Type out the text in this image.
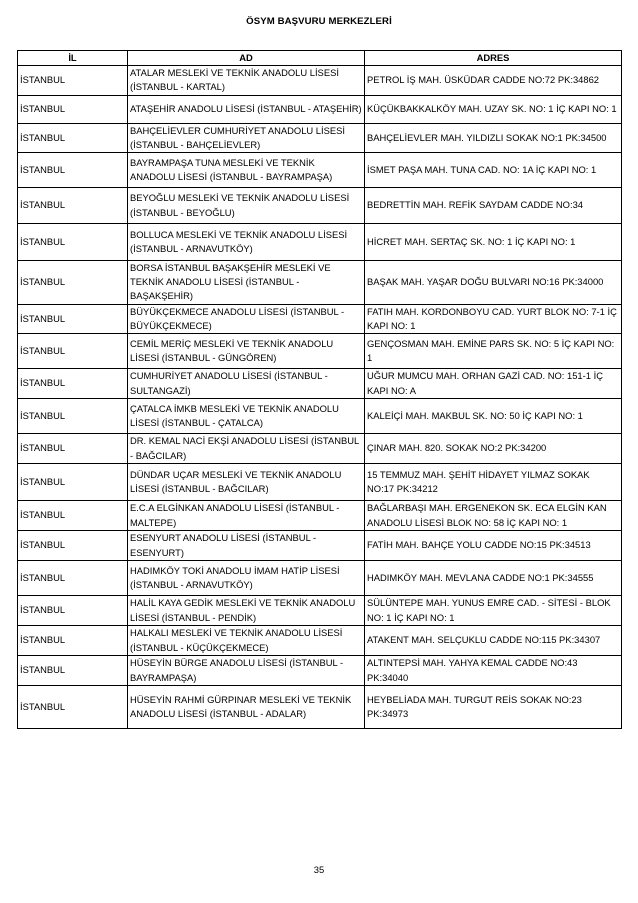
ÖSYM BAŞVURU MERKEZLERİ
İL	AD	ADRES
İSTANBUL	ATALAR MESLEKİ VE TEKNİK ANADOLU LİSESİ (İSTANBUL - KARTAL)	PETROL İŞ MAH. ÜSKÜDAR CADDE NO:72 PK:34862
İSTANBUL	ATAŞEHİR ANADOLU LİSESİ (İSTANBUL - ATAŞEHİR)	KÜÇÜKBAKKALKÖY MAH. UZAY SK. NO: 1 İÇ KAPI NO: 1
İSTANBUL	BAHÇELİEVLER CUMHURİYET ANADOLU LİSESİ (İSTANBUL - BAHÇELİEVLER)	BAHÇELİEVLER MAH. YILDIZLI SOKAK NO:1 PK:34500
İSTANBUL	BAYRAMPAŞA TUNA MESLEKİ VE TEKNİK ANADOLU LİSESİ (İSTANBUL - BAYRAMPAŞA)	İSMET PAŞA MAH. TUNA CAD. NO: 1A İÇ KAPI NO: 1
İSTANBUL	BEYOĞLU MESLEKİ VE TEKNİK ANADOLU LİSESİ (İSTANBUL - BEYOĞLU)	BEDRETTİN MAH. REFİK SAYDAM CADDE NO:34
İSTANBUL	BOLLUCA MESLEKİ VE TEKNİK ANADOLU LİSESİ (İSTANBUL - ARNAVUTKÖY)	HİCRET MAH. SERTAÇ SK. NO: 1 İÇ KAPI NO: 1
İSTANBUL	BORSA İSTANBUL BAŞAKŞEHİR MESLEKİ VE TEKNİK ANADOLU LİSESİ (İSTANBUL - BAŞAKŞEHİR)	BAŞAK MAH. YAŞAR DOĞU BULVARI NO:16 PK:34000
İSTANBUL	BÜYÜKÇEKMECE ANADOLU LİSESİ (İSTANBUL - BÜYÜKÇEKMECE)	FATIH MAH. KORDONBOYU CAD. YURT BLOK NO: 7-1 İÇ KAPI NO: 1
İSTANBUL	CEMİL MERİÇ MESLEKİ VE TEKNİK ANADOLU LİSESİ (İSTANBUL - GÜNGÖREN)	GENÇOSMAN MAH. EMİNE PARS SK. NO: 5 İÇ KAPI NO: 1
İSTANBUL	CUMHURİYET ANADOLU LİSESİ (İSTANBUL - SULTANGAZİ)	UĞUR MUMCU MAH. ORHAN GAZİ CAD. NO: 151-1 İÇ KAPI NO: A
İSTANBUL	ÇATALCA İMKB MESLEKİ VE TEKNİK ANADOLU LİSESİ (İSTANBUL - ÇATALCA)	KALEİÇİ MAH. MAKBUL SK. NO: 50 İÇ KAPI NO: 1
İSTANBUL	DR. KEMAL NACİ EKŞİ ANADOLU LİSESİ (İSTANBUL - BAĞCILAR)	ÇINAR MAH. 820. SOKAK NO:2 PK:34200
İSTANBUL	DÜNDAR UÇAR MESLEKİ VE TEKNİK ANADOLU LİSESİ (İSTANBUL - BAĞCILAR)	15 TEMMUZ MAH. ŞEHİT HİDAYET YILMAZ SOKAK NO:17 PK:34212
İSTANBUL	E.C.A ELGİNKAN ANADOLU LİSESİ (İSTANBUL - MALTEPE)	BAĞLARBAŞI MAH. ERGENEKON SK. ECA ELGİN KAN ANADOLU LİSESİ BLOK NO: 58 İÇ KAPI NO: 1
İSTANBUL	ESENYURT ANADOLU LİSESİ (İSTANBUL - ESENYURT)	FATİH MAH. BAHÇE YOLU CADDE NO:15 PK:34513
İSTANBUL	HADIMKÖY TOKİ ANADOLU İMAM HATİP LİSESİ (İSTANBUL - ARNAVUTKÖY)	HADIMKÖY MAH. MEVLANA CADDE NO:1 PK:34555
İSTANBUL	HALİL KAYA GEDİK MESLEKİ VE TEKNİK ANADOLU LİSESİ (İSTANBUL - PENDİK)	SÜLÜNTEPE MAH. YUNUS EMRE CAD. - SİTESİ - BLOK NO: 1 İÇ KAPI NO: 1
İSTANBUL	HALKALI MESLEKİ VE TEKNİK ANADOLU LİSESİ (İSTANBUL - KÜÇÜKÇEKMECE)	ATAKENT MAH. SELÇUKLU CADDE NO:115 PK:34307
İSTANBUL	HÜSEYİN BÜRGE ANADOLU LİSESİ (İSTANBUL - BAYRAMPAŞA)	ALTINTEPSİ MAH. YAHYA KEMAL CADDE NO:43 PK:34040
İSTANBUL	HÜSEYİN RAHMİ GÜRPINAR MESLEKİ VE TEKNİK ANADOLU LİSESİ (İSTANBUL - ADALAR)	HEYBELİADA MAH. TURGUT REİS SOKAK NO:23 PK:34973
35
